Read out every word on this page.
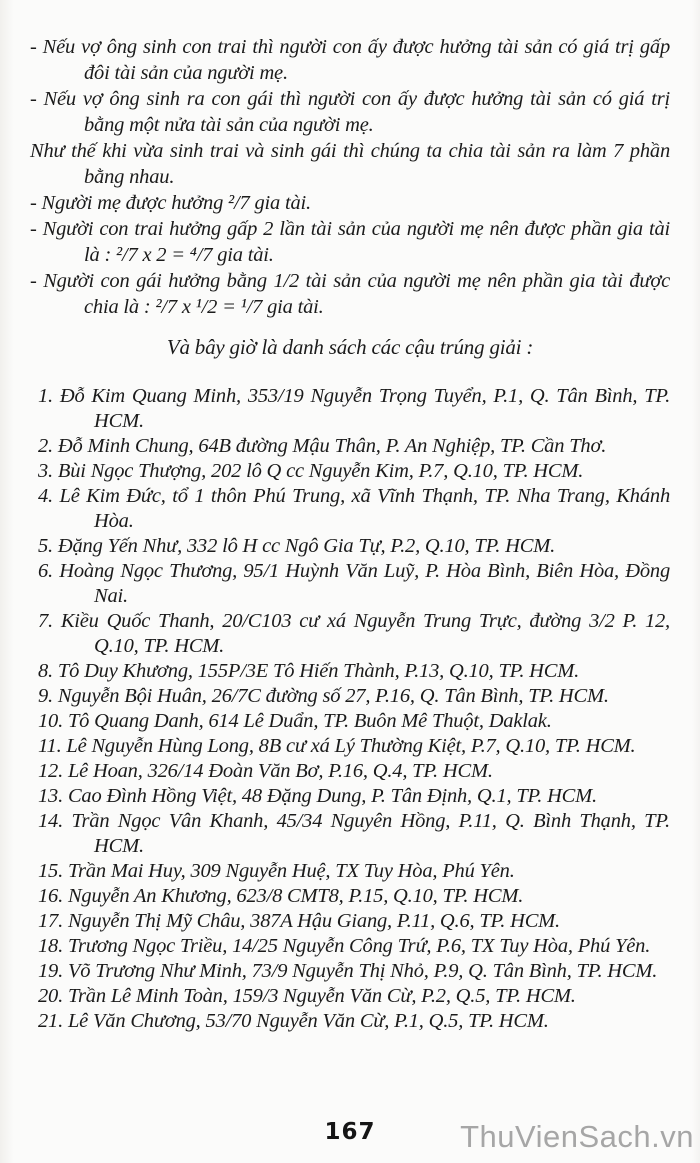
- Nếu vợ ông sinh con trai thì người con ấy được hưởng tài sản có giá trị gấp đôi tài sản của người mẹ.

- Nếu vợ ông sinh ra con gái thì người con ấy được hưởng tài sản có giá trị bằng một nửa tài sản của người mẹ.

Như thế khi vừa sinh trai và sinh gái thì chúng ta chia tài sản ra làm 7 phần bằng nhau.

- Người mẹ được hưởng ²/7 gia tài.

- Người con trai hưởng gấp 2 lần tài sản của người mẹ nên được phần gia tài là : ²/7 x 2 = ⁴/7 gia tài.

- Người con gái hưởng bằng 1/2 tài sản của người mẹ nên phần gia tài được chia là : ²/7 x ¹/2 = ¹/7 gia tài.

Và bây giờ là danh sách các cậu trúng giải :
1. Đỗ Kim Quang Minh, 353/19 Nguyễn Trọng Tuyển, P.1, Q. Tân Bình, TP. HCM.
2. Đỗ Minh Chung, 64B đường Mậu Thân, P. An Nghiệp, TP. Cần Thơ.
3. Bùi Ngọc Thượng, 202 lô Q cc Nguyễn Kim, P.7, Q.10, TP. HCM.
4. Lê Kim Đức, tổ 1 thôn Phú Trung, xã Vĩnh Thạnh, TP. Nha Trang, Khánh Hòa.
5. Đặng Yến Như, 332 lô H cc Ngô Gia Tự, P.2, Q.10, TP. HCM.
6. Hoàng Ngọc Thương, 95/1 Huỳnh Văn Luỹ, P. Hòa Bình, Biên Hòa, Đồng Nai.
7. Kiều Quốc Thanh, 20/C103 cư xá Nguyễn Trung Trực, đường 3/2 P. 12, Q.10, TP. HCM.
8. Tô Duy Khương, 155P/3E Tô Hiến Thành, P.13, Q.10, TP. HCM.
9. Nguyễn Bội Huân, 26/7C đường số 27, P.16, Q. Tân Bình, TP. HCM.
10. Tô Quang Danh, 614 Lê Duẩn, TP. Buôn Mê Thuột, Daklak.
11. Lê Nguyễn Hùng Long, 8B cư xá Lý Thường Kiệt, P.7, Q.10, TP. HCM.
12. Lê Hoan, 326/14 Đoàn Văn Bơ, P.16, Q.4, TP. HCM.
13. Cao Đình Hồng Việt, 48 Đặng Dung, P. Tân Định, Q.1, TP. HCM.
14. Trần Ngọc Vân Khanh, 45/34 Nguyên Hồng, P.11, Q. Bình Thạnh, TP. HCM.
15. Trần Mai Huy, 309 Nguyễn Huệ, TX Tuy Hòa, Phú Yên.
16. Nguyễn An Khương, 623/8 CMT8, P.15, Q.10, TP. HCM.
17. Nguyễn Thị Mỹ Châu, 387A Hậu Giang, P.11, Q.6, TP. HCM.
18. Trương Ngọc Triều, 14/25 Nguyễn Công Trứ, P.6, TX Tuy Hòa, Phú Yên.
19. Võ Trương Như Minh, 73/9 Nguyễn Thị Nhỏ, P.9, Q. Tân Bình, TP. HCM.
20. Trần Lê Minh Toàn, 159/3 Nguyễn Văn Cừ, P.2, Q.5, TP. HCM.
21. Lê Văn Chương, 53/70 Nguyễn Văn Cừ, P.1, Q.5, TP. HCM.
167	ThuVienSach.vn
